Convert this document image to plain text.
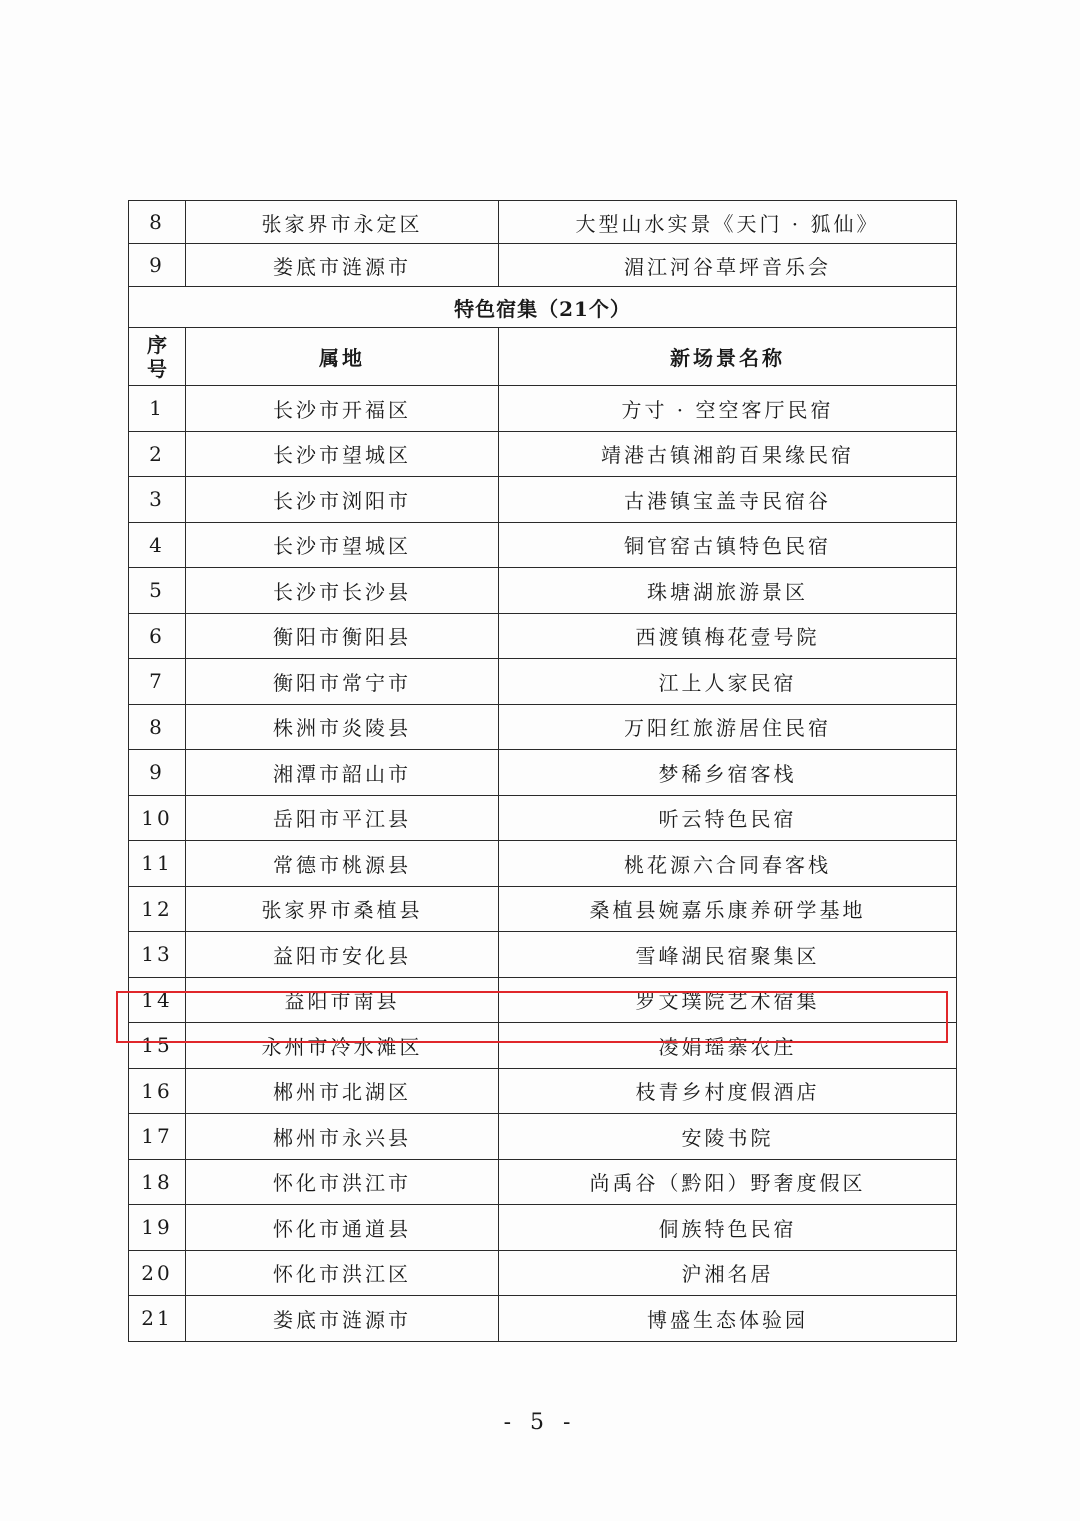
8	张家界市永定区	大型山水实景《天门 · 狐仙》
9	娄底市涟源市	湄江河谷草坪音乐会
特色宿集（21个）		
序号	属地	新场景名称
1	长沙市开福区	方寸 · 空空客厅民宿
2	长沙市望城区	靖港古镇湘韵百果缘民宿
3	长沙市浏阳市	古港镇宝盖寺民宿谷
4	长沙市望城区	铜官窑古镇特色民宿
5	长沙市长沙县	珠塘湖旅游景区
6	衡阳市衡阳县	西渡镇梅花壹号院
7	衡阳市常宁市	江上人家民宿
8	株洲市炎陵县	万阳红旅游居住民宿
9	湘潭市韶山市	梦稀乡宿客栈
10	岳阳市平江县	听云特色民宿
11	常德市桃源县	桃花源六合同春客栈
12	张家界市桑植县	桑植县婉嘉乐康养研学基地
13	益阳市安化县	雪峰湖民宿聚集区
14	益阳市南县	罗文璞院艺术宿集
15	永州市冷水滩区	凌娟瑶寨农庄
16	郴州市北湖区	枝青乡村度假酒店
17	郴州市永兴县	安陵书院
18	怀化市洪江市	尚禹谷（黔阳）野奢度假区
19	怀化市通道县	侗族特色民宿
20	怀化市洪江区	沪湘名居
21	娄底市涟源市	博盛生态体验园
- 5 -
